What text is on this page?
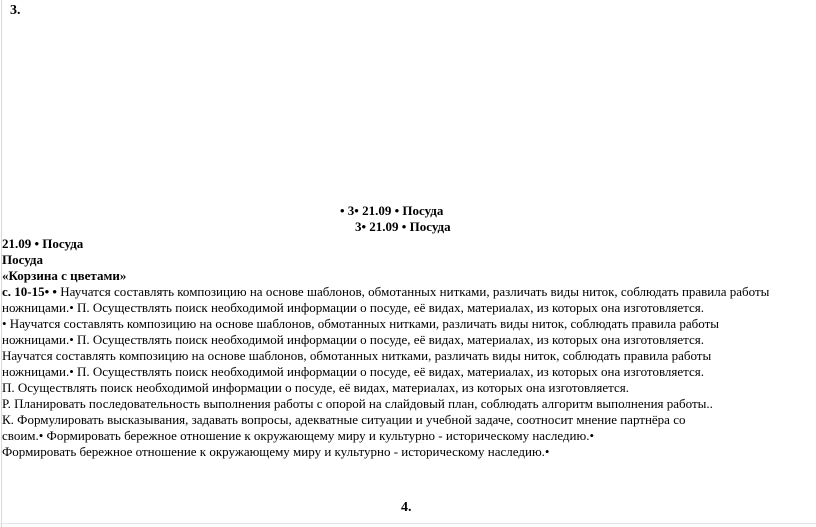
3.
• 3• 21.09 • Посуда
3• 21.09 • Посуда
21.09 • Посуда
Посуда
«Корзина с цветами»
с. 10-15• • Научатся составлять композицию на основе шаблонов, обмотанных нитками, различать виды ниток, соблюдать правила работы
ножницами.• П. Осуществлять поиск необходимой информации о посуде, её видах, материалах, из которых она изготовляется.
• Научатся составлять композицию на основе шаблонов, обмотанных нитками, различать виды ниток, соблюдать правила работы
ножницами.• П. Осуществлять поиск необходимой информации о посуде, её видах, материалах, из которых она изготовляется.
Научатся составлять композицию на основе шаблонов, обмотанных нитками, различать виды ниток, соблюдать правила работы
ножницами.• П. Осуществлять поиск необходимой информации о посуде, её видах, материалах, из которых она изготовляется.
П. Осуществлять поиск необходимой информации о посуде, её видах, материалах, из которых она изготовляется.
Р. Планировать последовательность выполнения работы с опорой на слайдовый план, соблюдать алгоритм выполнения работы..
К. Формулировать высказывания, задавать вопросы, адекватные ситуации и учебной задаче, соотносит мнение партнёра со
своим.• Формировать бережное отношение к окружающему миру и культурно - историческому наследию.•
Формировать бережное отношение к окружающему миру и культурно - историческому наследию.•
4.
